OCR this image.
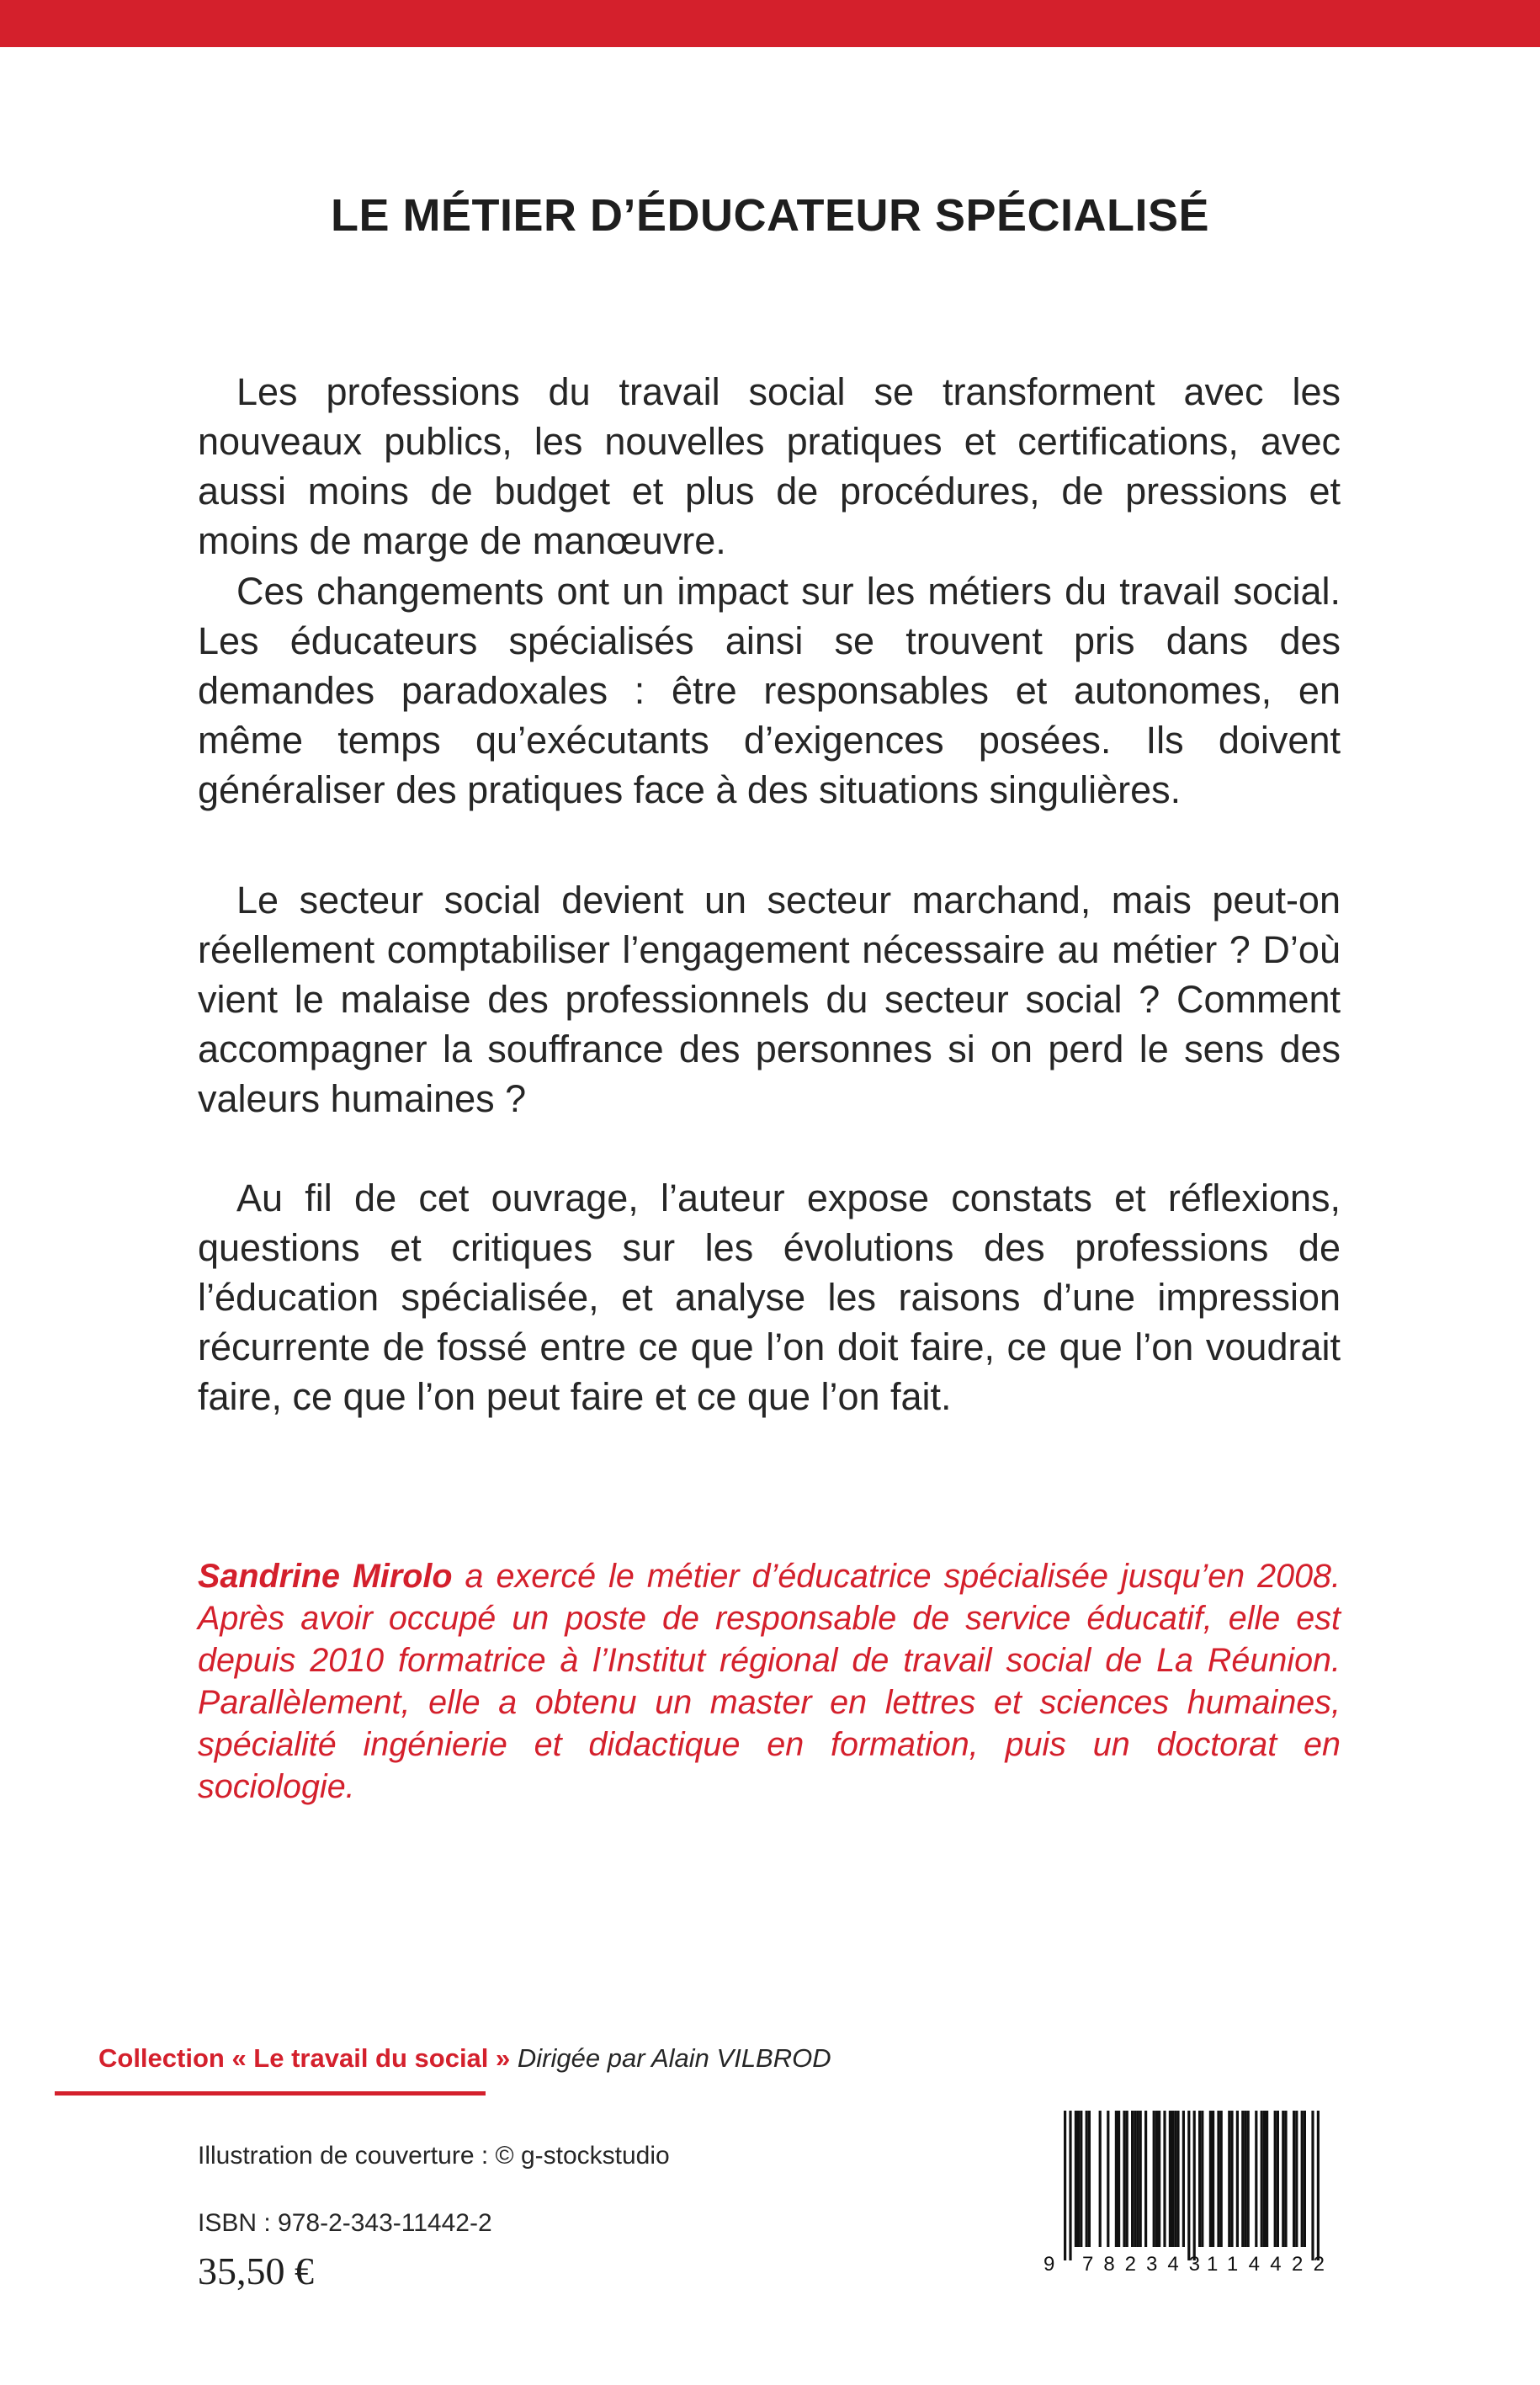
LE MÉTIER D’ÉDUCATEUR SPÉCIALISÉ

Les professions du travail social se transforment avec les nouveaux publics, les nouvelles pratiques et certifications, avec aussi moins de budget et plus de procédures, de pressions et moins de marge de manœuvre.

Ces changements ont un impact sur les métiers du travail social. Les éducateurs spécialisés ainsi se trouvent pris dans des demandes paradoxales : être responsables et autonomes, en même temps qu’exécutants d’exigences posées. Ils doivent généraliser des pratiques face à des situations singulières.

Le secteur social devient un secteur marchand, mais peut-on réellement comptabiliser l’engagement nécessaire au métier ? D’où vient le malaise des professionnels du secteur social ? Comment accompagner la souffrance des personnes si on perd le sens des valeurs humaines ?

Au fil de cet ouvrage, l’auteur expose constats et réflexions, questions et critiques sur les évolutions des professions de l’éducation spécialisée, et analyse les raisons d’une impression récurrente de fossé entre ce que l’on doit faire, ce que l’on voudrait faire, ce que l’on peut faire et ce que l’on fait.

Sandrine Mirolo a exercé le métier d’éducatrice spécialisée jusqu’en 2008. Après avoir occupé un poste de responsable de service éducatif, elle est depuis 2010 formatrice à l’Institut régional de travail social de La Réunion. Parallèlement, elle a obtenu un master en lettres et sciences humaines, spécialité ingénierie et didactique en formation, puis un doctorat en sociologie.

Collection « Le travail du social » Dirigée par Alain VILBROD
Illustration de couverture : © g-stockstudio
ISBN : 978-2-343-11442-2
35,50 €	9 782343 114422
